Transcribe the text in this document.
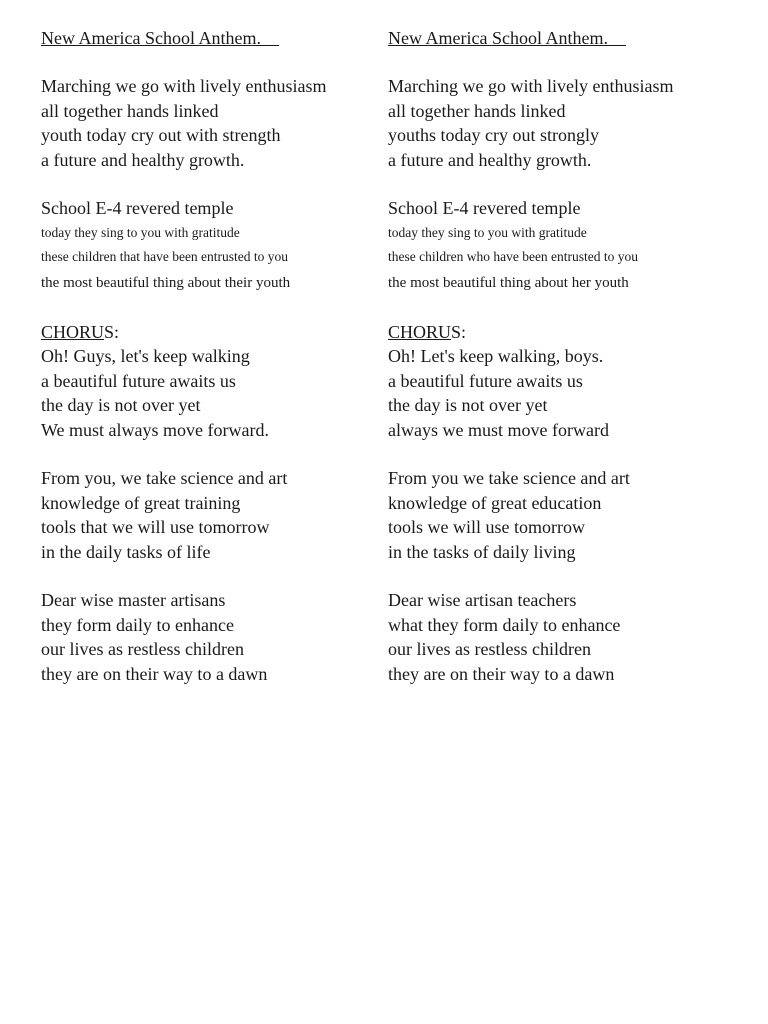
New America School Anthem.
Marching we go with lively enthusiasm
all together hands linked
youth today cry out with strength
a future and healthy growth.
School E-4 revered temple
today they sing to you with gratitude
these children that have been entrusted to you
the most beautiful thing about their youth
CHORUS:
Oh! Guys, let's keep walking
a beautiful future awaits us
the day is not over yet
We must always move forward.
From you, we take science and art
knowledge of great training
tools that we will use tomorrow
in the daily tasks of life
Dear wise master artisans
they form daily to enhance
our lives as restless children
they are on their way to a dawn
New America School Anthem.
Marching we go with lively enthusiasm
all together hands linked
youths today cry out strongly
a future and healthy growth.
School E-4 revered temple
today they sing to you with gratitude
these children who have been entrusted to you
the most beautiful thing about her youth
CHORUS:
Oh! Let's keep walking, boys.
a beautiful future awaits us
the day is not over yet
always we must move forward
From you we take science and art
knowledge of great education
tools we will use tomorrow
in the tasks of daily living
Dear wise artisan teachers
what they form daily to enhance
our lives as restless children
they are on their way to a dawn
